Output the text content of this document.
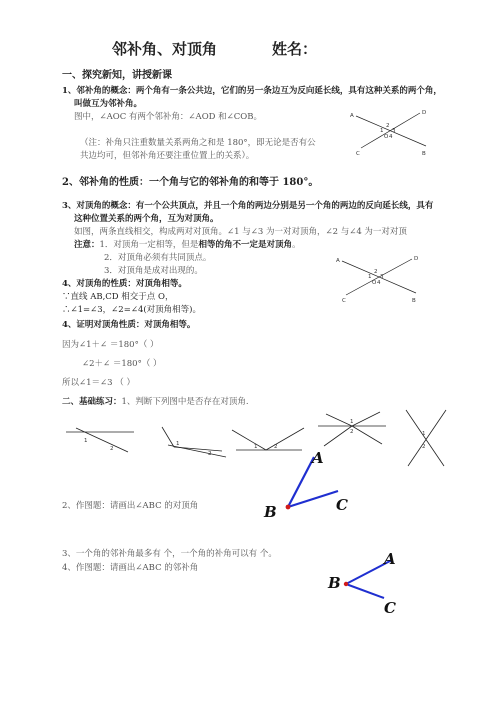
邻补角、对顶角	姓名：
一、探究新知，讲授新课
1、邻补角的概念：两个角有一条公共边，它们的另一条边互为反向延长线，具有这种关系的两个角，
叫做互为邻补角。
图中，∠AOC 有两个邻补角：∠AOD 和∠COB。
（注：补角只注重数量关系两角之和是 180°，即无论是否有公
共边均可，但邻补角还要注重位置上的关系）。
A	D
C	B
2
1 3
O 4
2、邻补角的性质：一个角与它的邻补角的和等于 180°。
3、对顶角的概念：有一个公共顶点，并且一个角的两边分别是另一个角的两边的反向延长线，具有
这种位置关系的两个角，互为对顶角。
如图，两条直线相交，构成两对对顶角。∠1 与∠3 为一对对顶角，∠2 与∠4 为一对对顶
注意：1．对顶角一定相等，但是相等的角不一定是对顶角。
2．对顶角必须有共同顶点。
3．对顶角是成对出现的。
A	D
C	B
2
1 3
O 4
4、对顶角的性质：对顶角相等。
∵直线 AB,CD 相交于点 O，
∴∠1=∠3，∠2=∠4(对顶角相等)。
4、证明对顶角性质：对顶角相等。
因为∠1＋∠ ＝180°（ ）
∠2＋∠ ＝180°（ ）
所以∠1＝∠3 （ ）
二、基础练习：1、判断下列图中是否存在对顶角.
1
2
1
2
1	2
1
2	1
2
2、作图题：请画出∠ABC 的对顶角
A
B	C
3、一个角的邻补角最多有 个，一个角的补角可以有 个。
4、作图题：请画出∠ABC 的邻补角	A
B
C
